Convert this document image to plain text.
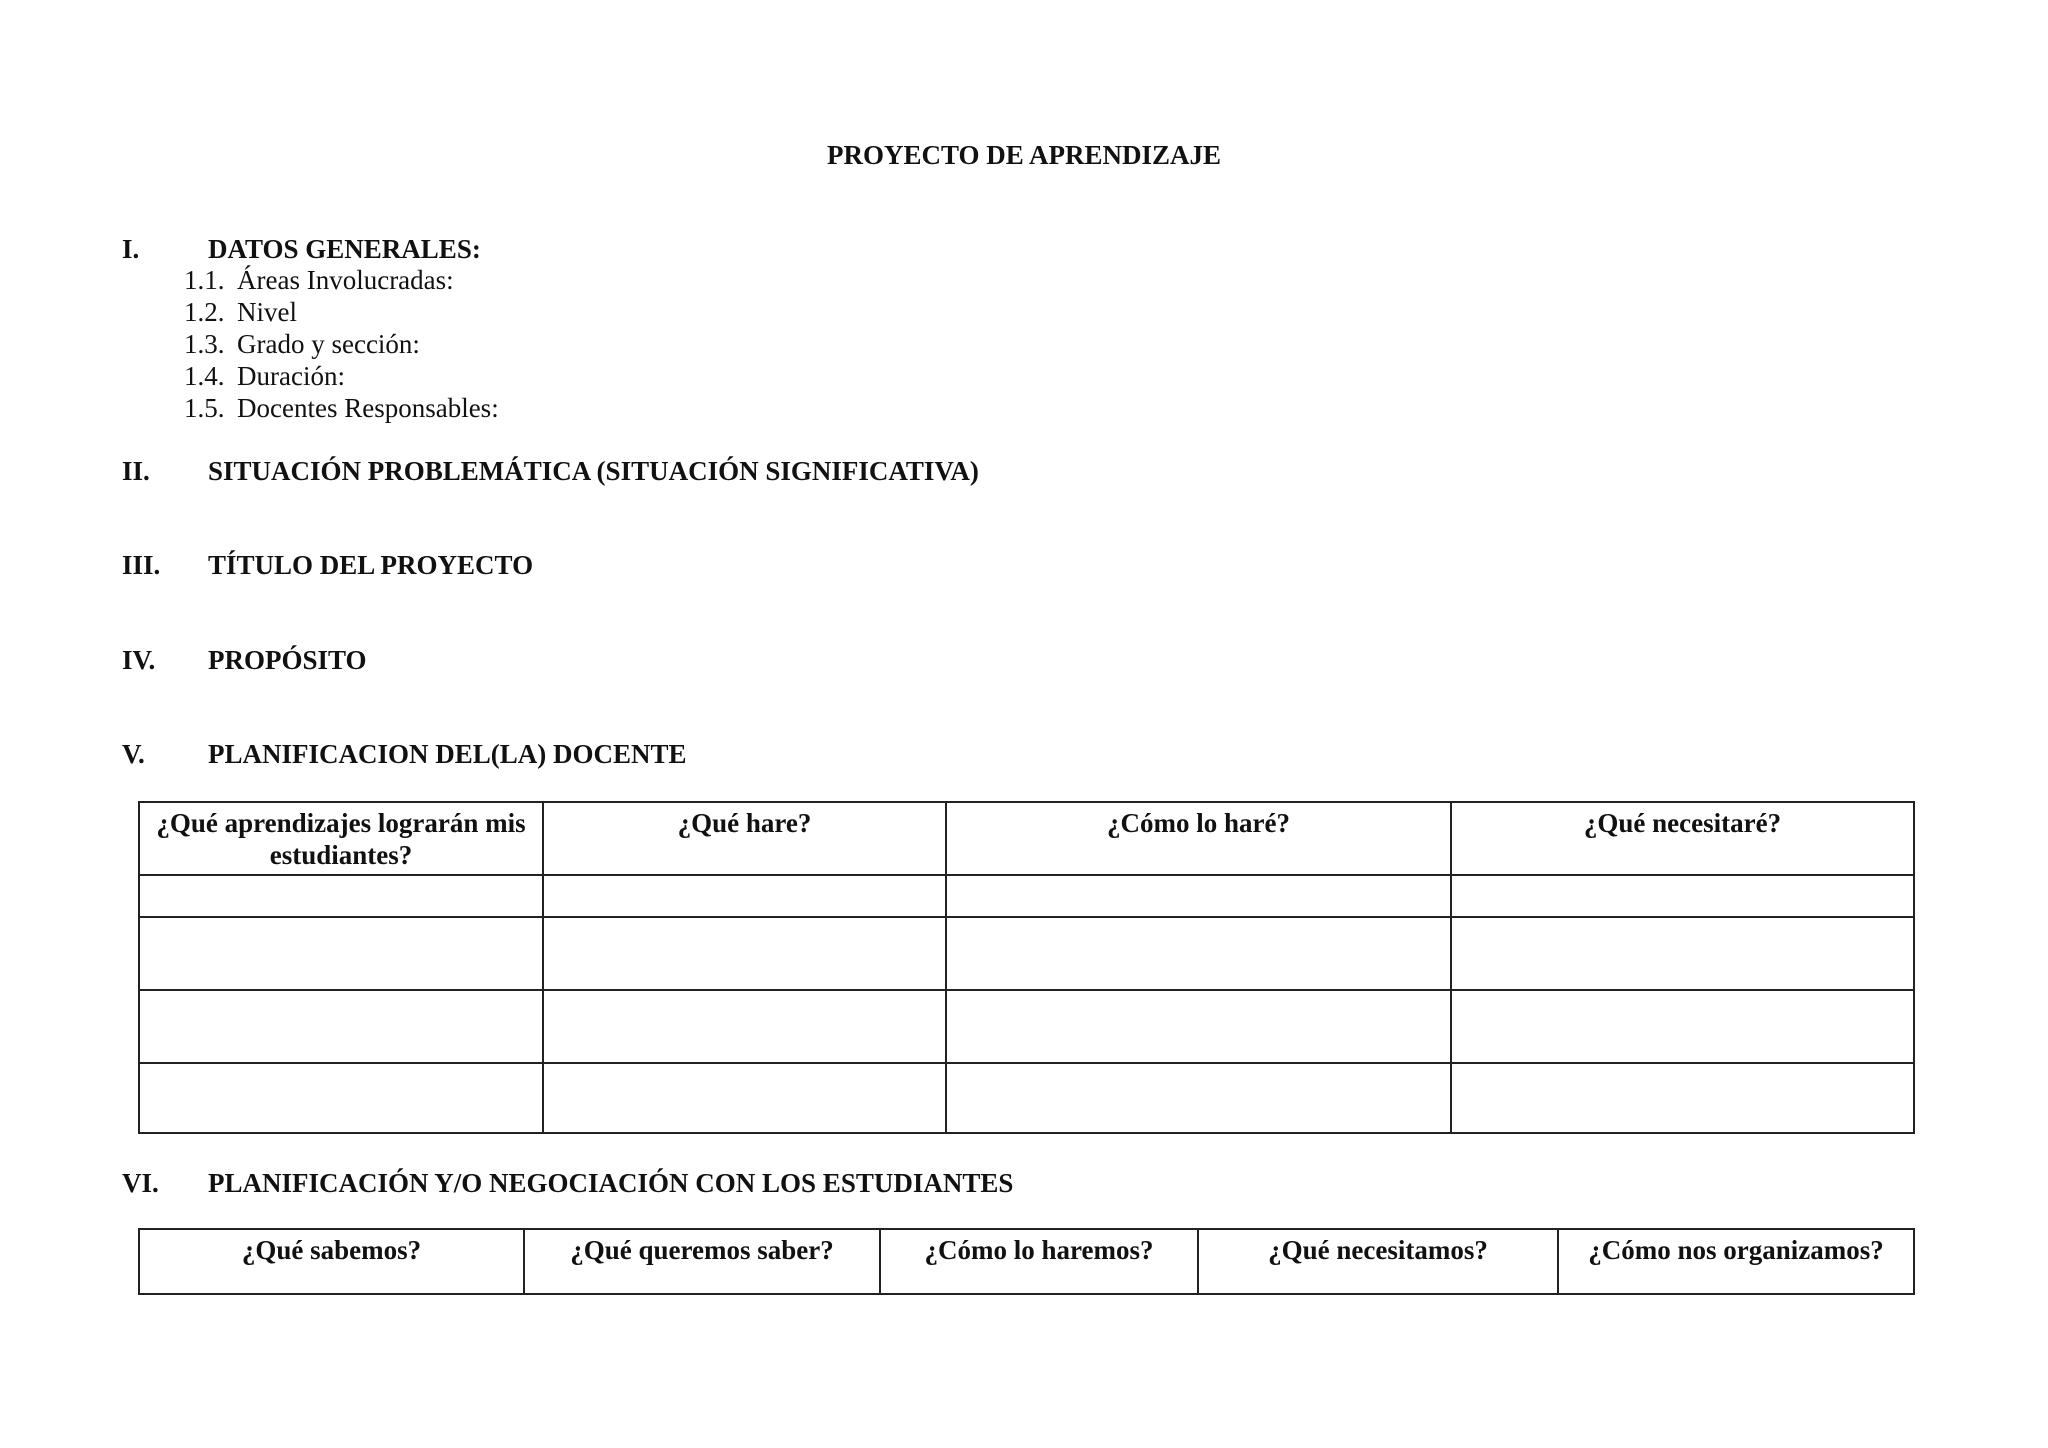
PROYECTO DE APRENDIZAJE
I.	DATOS GENERALES:
1.1. Áreas Involucradas:
1.2. Nivel
1.3. Grado y sección:
1.4. Duración:
1.5. Docentes Responsables:
II.	SITUACIÓN PROBLEMÁTICA (SITUACIÓN SIGNIFICATIVA)
III.	TÍTULO DEL PROYECTO
IV.	PROPÓSITO
V.	PLANIFICACION DEL(LA) DOCENTE
¿Qué aprendizajes lograrán mis estudiantes?	¿Qué hare?	¿Cómo lo haré?	¿Qué necesitaré?

VI.	PLANIFICACIÓN Y/O NEGOCIACIÓN CON LOS ESTUDIANTES
¿Qué sabemos?	¿Qué queremos saber?	¿Cómo lo haremos?	¿Qué necesitamos?	¿Cómo nos organizamos?
